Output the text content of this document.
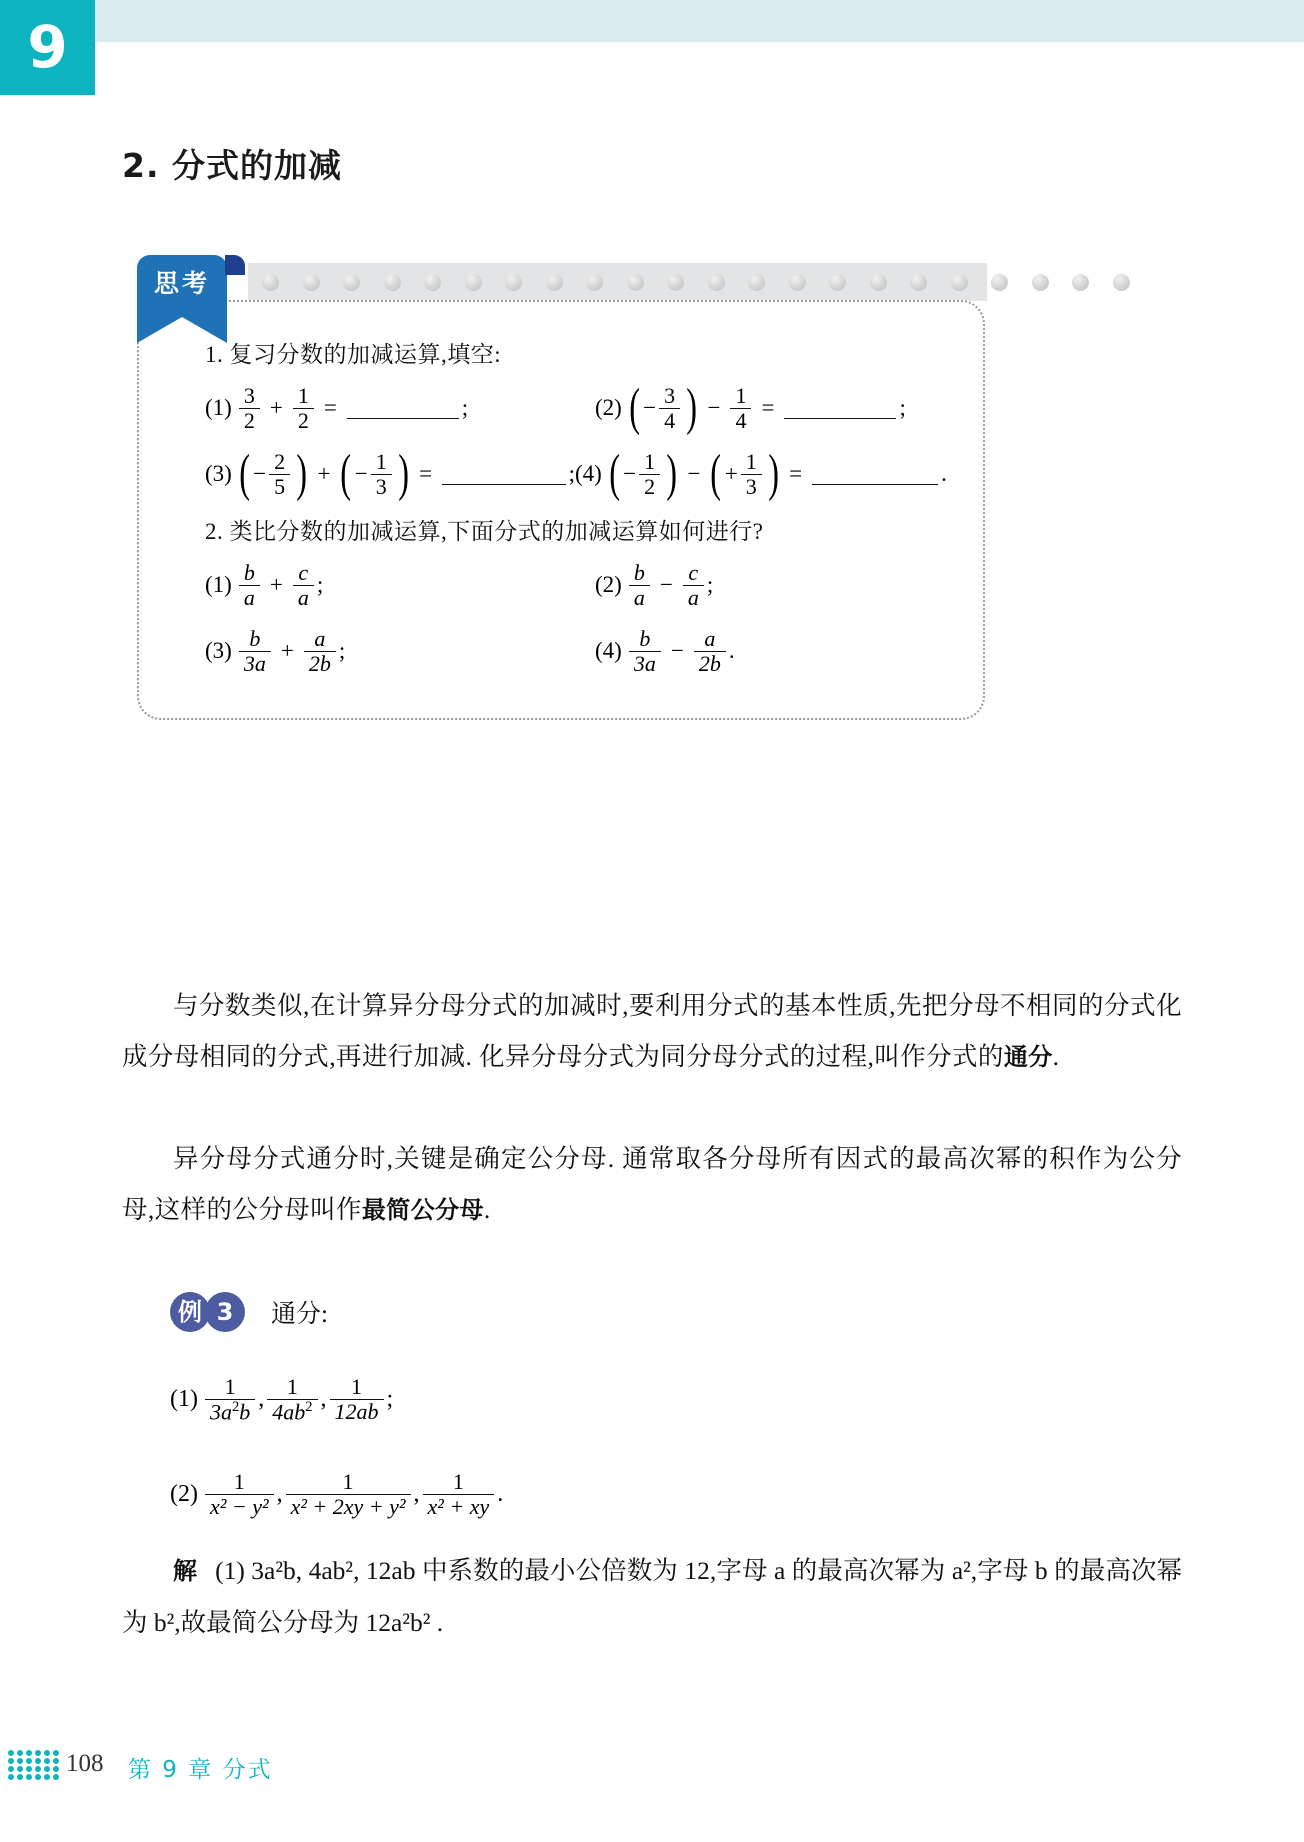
9
2. 分式的加减
思考
1. 复习分数的加减运算,填空:
$(1) \frac{3}{2} + \frac{1}{2}$ =	;	(2) ( − $\frac{3}{4}$ ) − $\frac{1}{4}$ =	;
(3) ( − $\frac{2}{5}$ ) + ( − $\frac{1}{3}$ ) =	; (4) ( − $\frac{1}{2}$ ) − ( + $\frac{1}{3}$ ) =	.
2. 类比分数的加减运算,下面分式的加减运算如何进行?
$(1) \frac{b}{a} + \frac{c}{a}$ ;	$(2) \frac{b}{a} - \frac{c}{a}$ ;
$(3) \frac{b}{3a} + \frac{a}{2b}$ ;	$(4) \frac{b}{3a} - \frac{a}{2b}$ .
与分数类似,在计算异分母分式的加减时,要利用分式的基本性质,先把分母不相同的分式化成分母相同的分式,再进行加减. 化异分母分式为同分母分式的过程,叫作分式的通分.
异分母分式通分时,关键是确定公分母. 通常取各分母所有因式的最高次幂的积作为公分母,这样的公分母叫作最简公分母.
例 3	通分:
$(1) \frac{1}{3a^2b}$ , $\frac{1}{4ab^2}$ , $\frac{1}{12ab}$ ;
$(2) \frac{1}{\text{x² − y²}}$ , $\frac{1}{\text{x² + 2xy + y²}}$ , $\frac{1}{\text{x² + xy}}$ .
解 (1) 3a²b, 4ab², 12ab 中系数的最小公倍数为 12,字母 a 的最高次幂为 a²,字母 b 的最高次幂为 b²,故最简公分母为 12a²b² .
108 第 9 章 分式
